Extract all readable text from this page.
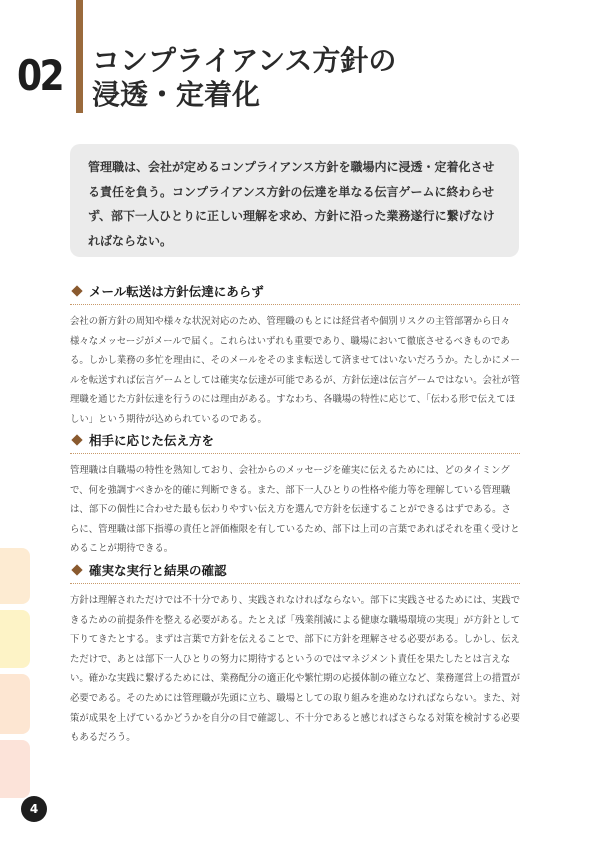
02 コンプライアンス方針の
浸透・定着化
管理職は、会社が定めるコンプライアンス方針を職場内に浸透・定着化させる責任を負う。コンプライアンス方針の伝達を単なる伝言ゲームに終わらせず、部下一人ひとりに正しい理解を求め、方針に沿った業務遂行に繋げなければならない。
メール転送は方針伝達にあらず
会社の新方針の周知や様々な状況対応のため、管理職のもとには経営者や個別リスクの主管部署から日々様々なメッセージがメールで届く。これらはいずれも重要であり、職場において徹底させるべきものである。しかし業務の多忙を理由に、そのメールをそのまま転送して済ませてはいないだろうか。たしかにメールを転送すれば伝言ゲームとしては確実な伝達が可能であるが、方針伝達は伝言ゲームではない。会社が管理職を通じた方針伝達を行うのには理由がある。すなわち、各職場の特性に応じて、「伝わる形で伝えてほしい」という期待が込められているのである。
相手に応じた伝え方を
管理職は自職場の特性を熟知しており、会社からのメッセージを確実に伝えるためには、どのタイミングで、何を強調すべきかを的確に判断できる。また、部下一人ひとりの性格や能力等を理解している管理職は、部下の個性に合わせた最も伝わりやすい伝え方を選んで方針を伝達することができるはずである。さらに、管理職は部下指導の責任と評価権限を有しているため、部下は上司の言葉であればそれを重く受けとめることが期待できる。
確実な実行と結果の確認
方針は理解されただけでは不十分であり、実践されなければならない。部下に実践させるためには、実践できるための前提条件を整える必要がある。たとえば「残業削減による健康な職場環境の実現」が方針として下りてきたとする。まずは言葉で方針を伝えることで、部下に方針を理解させる必要がある。しかし、伝えただけで、あとは部下一人ひとりの努力に期待するというのではマネジメント責任を果たしたとは言えない。確かな実践に繋げるためには、業務配分の適正化や繁忙期の応援体制の確立など、業務運営上の措置が必要である。そのためには管理職が先頭に立ち、職場としての取り組みを進めなければならない。また、対策が成果を上げているかどうかを自分の目で確認し、不十分であると感じればさらなる対策を検討する必要もあるだろう。
4
